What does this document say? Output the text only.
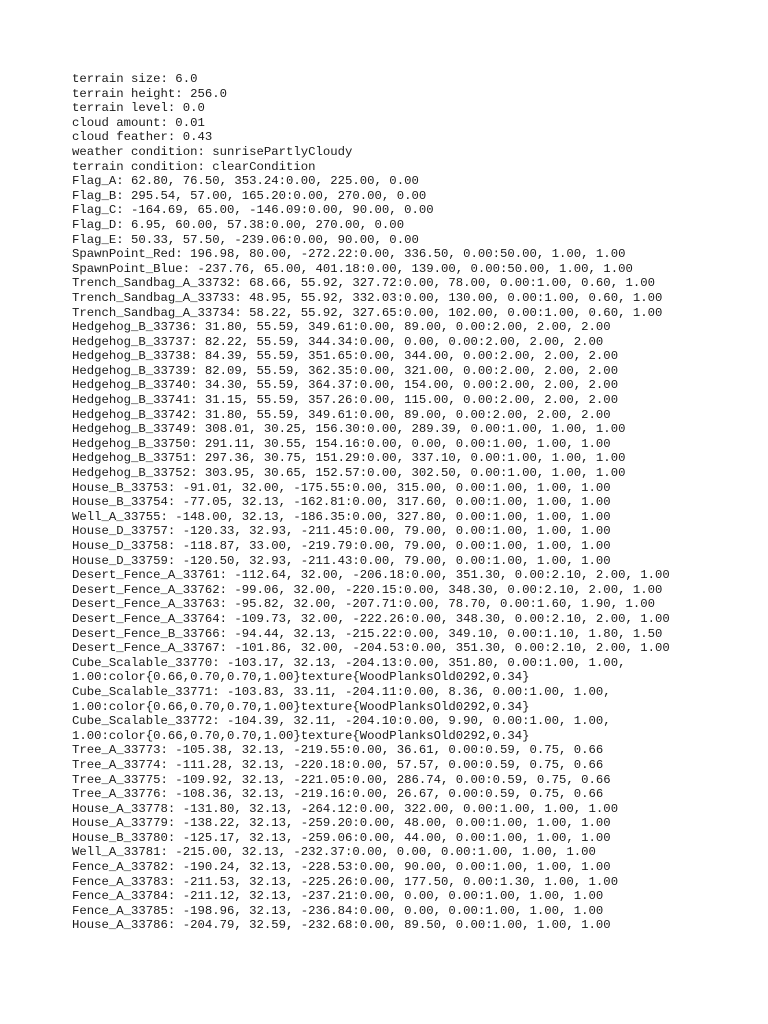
terrain size: 6.0
terrain height: 256.0
terrain level: 0.0
cloud amount: 0.01
cloud feather: 0.43
weather condition: sunrisePartlyCloudy
terrain condition: clearCondition
Flag_A: 62.80, 76.50, 353.24:0.00, 225.00, 0.00
Flag_B: 295.54, 57.00, 165.20:0.00, 270.00, 0.00
Flag_C: -164.69, 65.00, -146.09:0.00, 90.00, 0.00
Flag_D: 6.95, 60.00, 57.38:0.00, 270.00, 0.00
Flag_E: 50.33, 57.50, -239.06:0.00, 90.00, 0.00
SpawnPoint_Red: 196.98, 80.00, -272.22:0.00, 336.50, 0.00:50.00, 1.00, 1.00
SpawnPoint_Blue: -237.76, 65.00, 401.18:0.00, 139.00, 0.00:50.00, 1.00, 1.00
Trench_Sandbag_A_33732: 68.66, 55.92, 327.72:0.00, 78.00, 0.00:1.00, 0.60, 1.00
Trench_Sandbag_A_33733: 48.95, 55.92, 332.03:0.00, 130.00, 0.00:1.00, 0.60, 1.00
Trench_Sandbag_A_33734: 58.22, 55.92, 327.65:0.00, 102.00, 0.00:1.00, 0.60, 1.00
Hedgehog_B_33736: 31.80, 55.59, 349.61:0.00, 89.00, 0.00:2.00, 2.00, 2.00
Hedgehog_B_33737: 82.22, 55.59, 344.34:0.00, 0.00, 0.00:2.00, 2.00, 2.00
Hedgehog_B_33738: 84.39, 55.59, 351.65:0.00, 344.00, 0.00:2.00, 2.00, 2.00
Hedgehog_B_33739: 82.09, 55.59, 362.35:0.00, 321.00, 0.00:2.00, 2.00, 2.00
Hedgehog_B_33740: 34.30, 55.59, 364.37:0.00, 154.00, 0.00:2.00, 2.00, 2.00
Hedgehog_B_33741: 31.15, 55.59, 357.26:0.00, 115.00, 0.00:2.00, 2.00, 2.00
Hedgehog_B_33742: 31.80, 55.59, 349.61:0.00, 89.00, 0.00:2.00, 2.00, 2.00
Hedgehog_B_33749: 308.01, 30.25, 156.30:0.00, 289.39, 0.00:1.00, 1.00, 1.00
Hedgehog_B_33750: 291.11, 30.55, 154.16:0.00, 0.00, 0.00:1.00, 1.00, 1.00
Hedgehog_B_33751: 297.36, 30.75, 151.29:0.00, 337.10, 0.00:1.00, 1.00, 1.00
Hedgehog_B_33752: 303.95, 30.65, 152.57:0.00, 302.50, 0.00:1.00, 1.00, 1.00
House_B_33753: -91.01, 32.00, -175.55:0.00, 315.00, 0.00:1.00, 1.00, 1.00
House_B_33754: -77.05, 32.13, -162.81:0.00, 317.60, 0.00:1.00, 1.00, 1.00
Well_A_33755: -148.00, 32.13, -186.35:0.00, 327.80, 0.00:1.00, 1.00, 1.00
House_D_33757: -120.33, 32.93, -211.45:0.00, 79.00, 0.00:1.00, 1.00, 1.00
House_D_33758: -118.87, 33.00, -219.79:0.00, 79.00, 0.00:1.00, 1.00, 1.00
House_D_33759: -120.50, 32.93, -211.43:0.00, 79.00, 0.00:1.00, 1.00, 1.00
Desert_Fence_A_33761: -112.64, 32.00, -206.18:0.00, 351.30, 0.00:2.10, 2.00, 1.00
Desert_Fence_A_33762: -99.06, 32.00, -220.15:0.00, 348.30, 0.00:2.10, 2.00, 1.00
Desert_Fence_A_33763: -95.82, 32.00, -207.71:0.00, 78.70, 0.00:1.60, 1.90, 1.00
Desert_Fence_A_33764: -109.73, 32.00, -222.26:0.00, 348.30, 0.00:2.10, 2.00, 1.00
Desert_Fence_B_33766: -94.44, 32.13, -215.22:0.00, 349.10, 0.00:1.10, 1.80, 1.50
Desert_Fence_A_33767: -101.86, 32.00, -204.53:0.00, 351.30, 0.00:2.10, 2.00, 1.00
Cube_Scalable_33770: -103.17, 32.13, -204.13:0.00, 351.80, 0.00:1.00, 1.00,
1.00:color{0.66,0.70,0.70,1.00}texture{WoodPlanksOld0292,0.34}
Cube_Scalable_33771: -103.83, 33.11, -204.11:0.00, 8.36, 0.00:1.00, 1.00,
1.00:color{0.66,0.70,0.70,1.00}texture{WoodPlanksOld0292,0.34}
Cube_Scalable_33772: -104.39, 32.11, -204.10:0.00, 9.90, 0.00:1.00, 1.00,
1.00:color{0.66,0.70,0.70,1.00}texture{WoodPlanksOld0292,0.34}
Tree_A_33773: -105.38, 32.13, -219.55:0.00, 36.61, 0.00:0.59, 0.75, 0.66
Tree_A_33774: -111.28, 32.13, -220.18:0.00, 57.57, 0.00:0.59, 0.75, 0.66
Tree_A_33775: -109.92, 32.13, -221.05:0.00, 286.74, 0.00:0.59, 0.75, 0.66
Tree_A_33776: -108.36, 32.13, -219.16:0.00, 26.67, 0.00:0.59, 0.75, 0.66
House_A_33778: -131.80, 32.13, -264.12:0.00, 322.00, 0.00:1.00, 1.00, 1.00
House_A_33779: -138.22, 32.13, -259.20:0.00, 48.00, 0.00:1.00, 1.00, 1.00
House_B_33780: -125.17, 32.13, -259.06:0.00, 44.00, 0.00:1.00, 1.00, 1.00
Well_A_33781: -215.00, 32.13, -232.37:0.00, 0.00, 0.00:1.00, 1.00, 1.00
Fence_A_33782: -190.24, 32.13, -228.53:0.00, 90.00, 0.00:1.00, 1.00, 1.00
Fence_A_33783: -211.53, 32.13, -225.26:0.00, 177.50, 0.00:1.30, 1.00, 1.00
Fence_A_33784: -211.12, 32.13, -237.21:0.00, 0.00, 0.00:1.00, 1.00, 1.00
Fence_A_33785: -198.96, 32.13, -236.84:0.00, 0.00, 0.00:1.00, 1.00, 1.00
House_A_33786: -204.79, 32.59, -232.68:0.00, 89.50, 0.00:1.00, 1.00, 1.00
